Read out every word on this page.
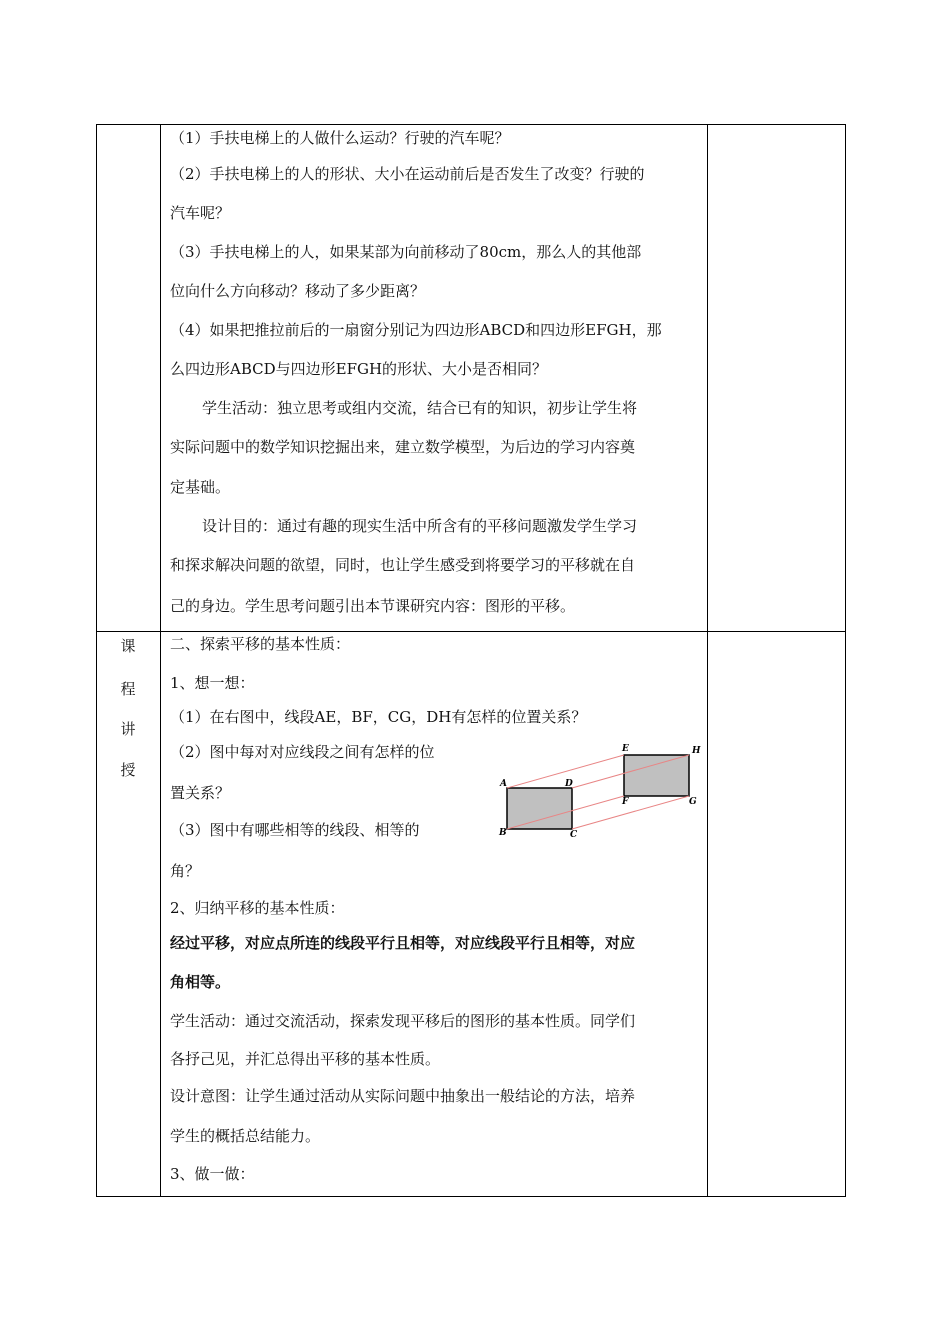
（1）手扶电梯上的人做什么运动？行驶的汽车呢？
（2）手扶电梯上的人的形状、大小在运动前后是否发生了改变？行驶的
汽车呢？
（3）手扶电梯上的人，如果某部为向前移动了80cm，那么人的其他部
位向什么方向移动？移动了多少距离？
（4）如果把推拉前后的一扇窗分别记为四边形ABCD和四边形EFGH，那
么四边形ABCD与四边形EFGH的形状、大小是否相同？
学生活动：独立思考或组内交流，结合已有的知识，初步让学生将
实际问题中的数学知识挖掘出来，建立数学模型，为后边的学习内容奠
定基础。
设计目的：通过有趣的现实生活中所含有的平移问题激发学生学习
和探求解决问题的欲望，同时，也让学生感受到将要学习的平移就在自
己的身边。学生思考问题引出本节课研究内容：图形的平移。
课
程
讲
授
二、探索平移的基本性质：
1、想一想：
（1）在右图中，线段AE，BF，CG，DH有怎样的位置关系？
（2）图中每对对应线段之间有怎样的位
置关系？
（3）图中有哪些相等的线段、相等的
角？
2、归纳平移的基本性质：
经过平移，对应点所连的线段平行且相等，对应线段平行且相等，对应
角相等。
学生活动：通过交流活动，探索发现平移后的图形的基本性质。同学们
各抒己见，并汇总得出平移的基本性质。
设计意图：让学生通过活动从实际问题中抽象出一般结论的方法，培养
学生的概括总结能力。
3、做一做：
A	D
B	C
E	H
F	G
